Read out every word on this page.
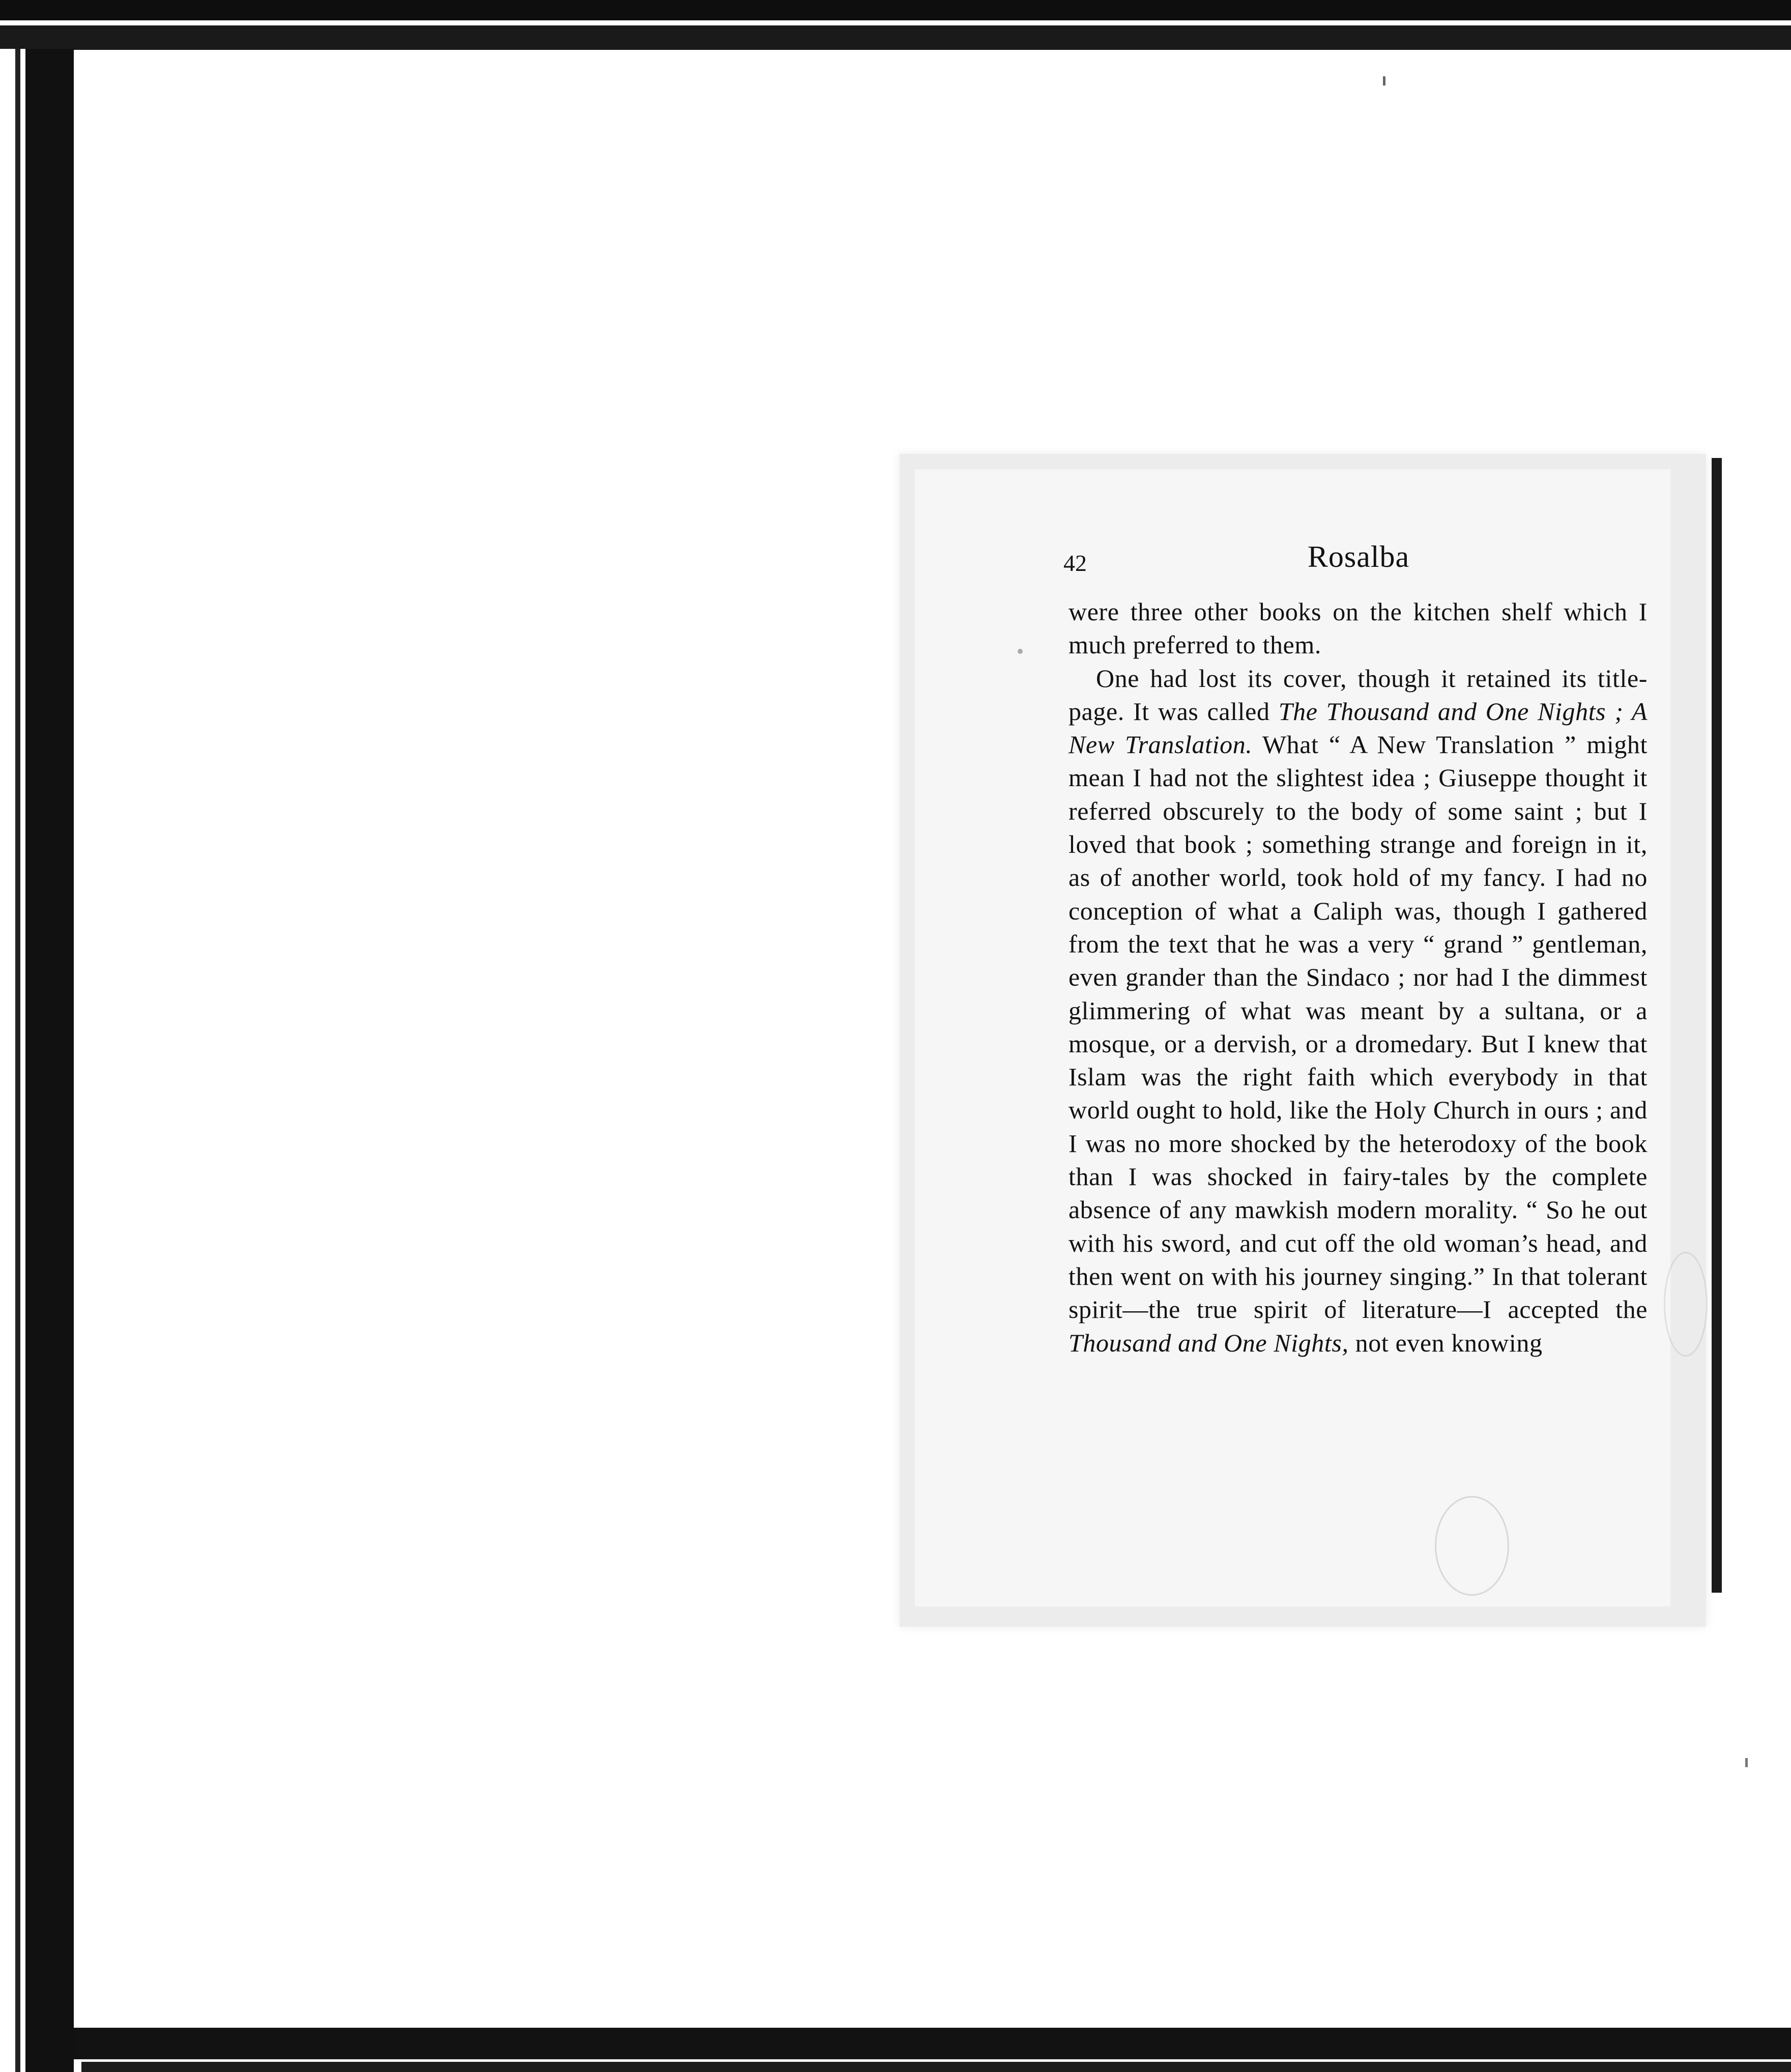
42	Rosalba

were three other books on the kitchen shelf which I much preferred to them.

One had lost its cover, though it retained its title-page. It was called The Thousand and One Nights ; A New Translation. What “ A New Translation ” might mean I had not the slightest idea ; Giuseppe thought it referred obscurely to the body of some saint ; but I loved that book ; something strange and foreign in it, as of another world, took hold of my fancy. I had no conception of what a Caliph was, though I gathered from the text that he was a very “ grand ” gentleman, even grander than the Sindaco ; nor had I the dimmest glimmering of what was meant by a sultana, or a mosque, or a dervish, or a dromedary. But I knew that Islam was the right faith which everybody in that world ought to hold, like the Holy Church in ours ; and I was no more shocked by the heterodoxy of the book than I was shocked in fairy-tales by the complete absence of any mawkish modern morality. “ So he out with his sword, and cut off the old woman’s head, and then went on with his journey singing.” In that tolerant spirit—the true spirit of literature—I accepted the Thousand and One Nights, not even knowing
